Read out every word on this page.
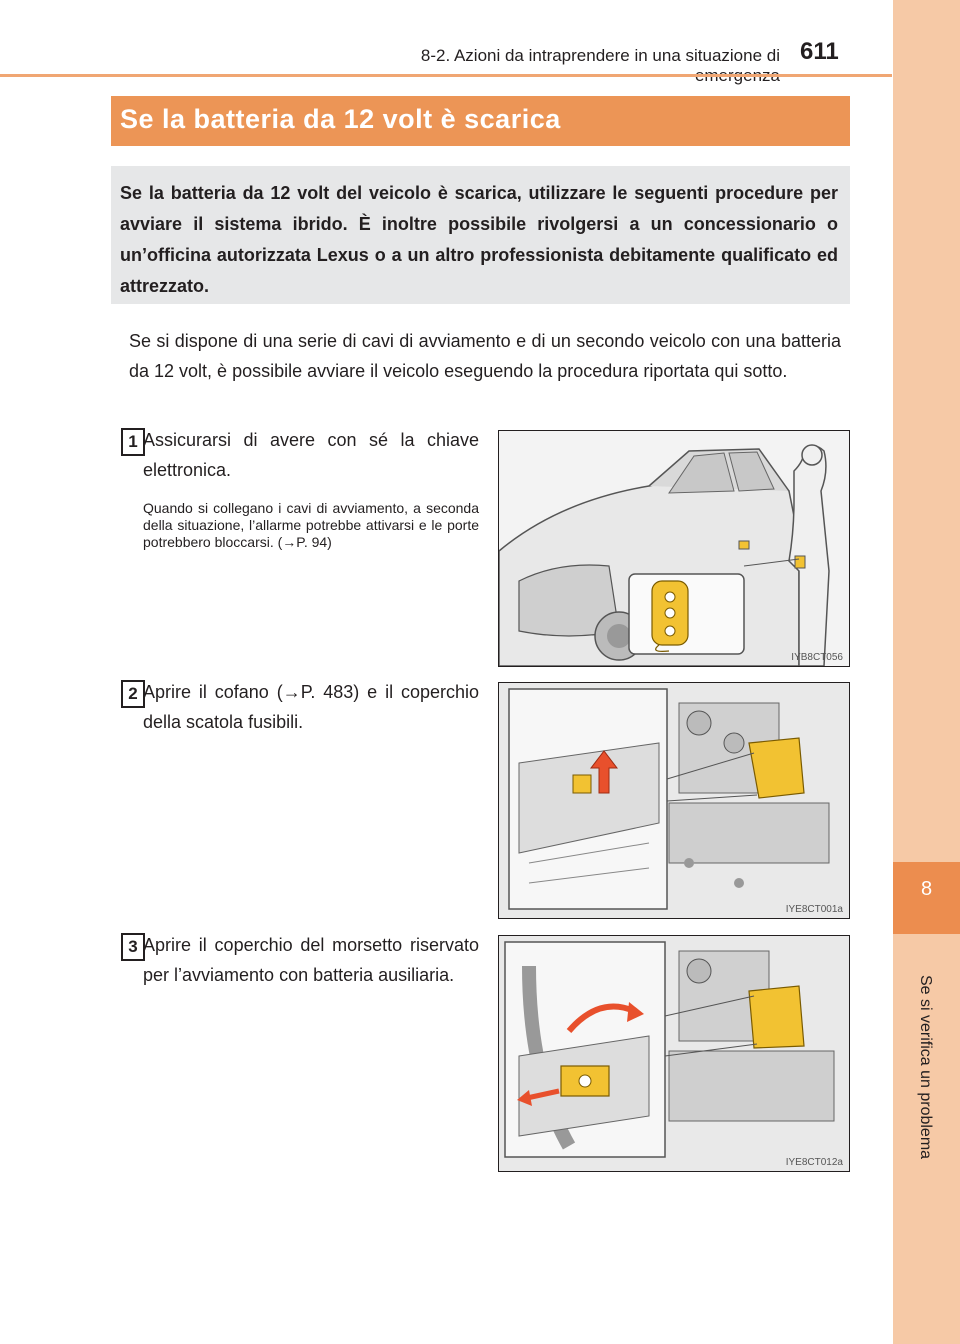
8-2. Azioni da intraprendere in una situazione di 611
8
Se si verifica un problema
Se la batteria da 12 volt è scarica

Se la batteria da 12 volt del veicolo è scarica, utilizzare le seguenti procedure per avviare il sistema ibrido. È inoltre possibile rivolgersi a un concessionario o un’officina autorizzata Lexus o a un altro professionista debitamente qualificato ed attrezzato.

Se si dispone di una serie di cavi di avviamento e di un secondo veicolo con una batteria da 12 volt, è possibile avviare il veicolo eseguendo la procedura riportata qui sotto.

1 Assicurarsi di avere con sé la chiave elettronica.

Quando si collegano i cavi di avviamento, a seconda della situazione, l’allarme potrebbe attivarsi e le porte potrebbero bloccarsi. (→P. 94)

IYB8CT056
2 Aprire il cofano (→P. 483) e il coperchio della scatola fusibili.

IYE8CT001a
3 Aprire il coperchio del morsetto riservato per l’avviamento con batteria ausiliaria.

IYE8CT012a
